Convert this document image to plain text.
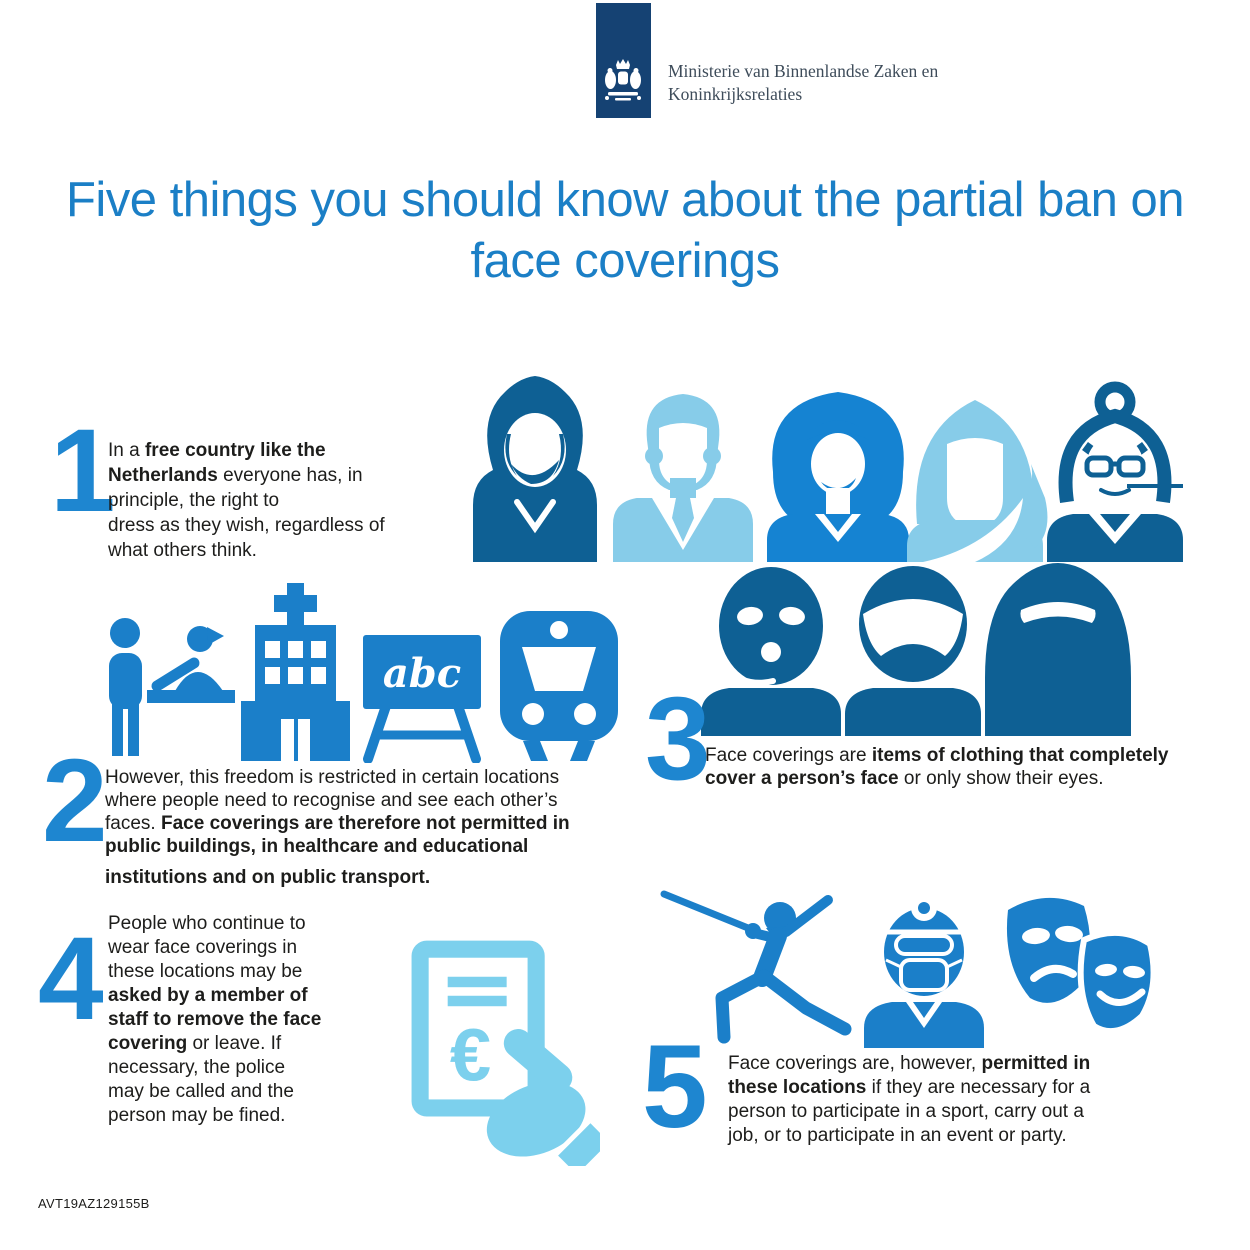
Ministerie van Binnenlandse Zaken en
Koninkrijksrelaties
Five things you should know about the partial ban on
face coverings
1
In a free country like the
Netherlands everyone has, in
principle, the right to
dress as they wish, regardless of
what others think.
abc
2
However, this freedom is restricted in certain locations
where people need to recognise and see each other’s
faces. Face coverings are therefore not permitted in
public buildings, in healthcare and educational
institutions and on public transport.
3
Face coverings are items of clothing that completely
cover a person’s face or only show their eyes.
4 People who continue to
wear face coverings in
these locations may be
asked by a member of
staff to remove the face
covering or leave. If
necessary, the police
may be called and the
person may be fined.
€ 5 Face coverings are, however, permitted in
these locations if they are necessary for a
person to participate in a sport, carry out a
job, or to participate in an event or party.
AVT19AZ129155B
